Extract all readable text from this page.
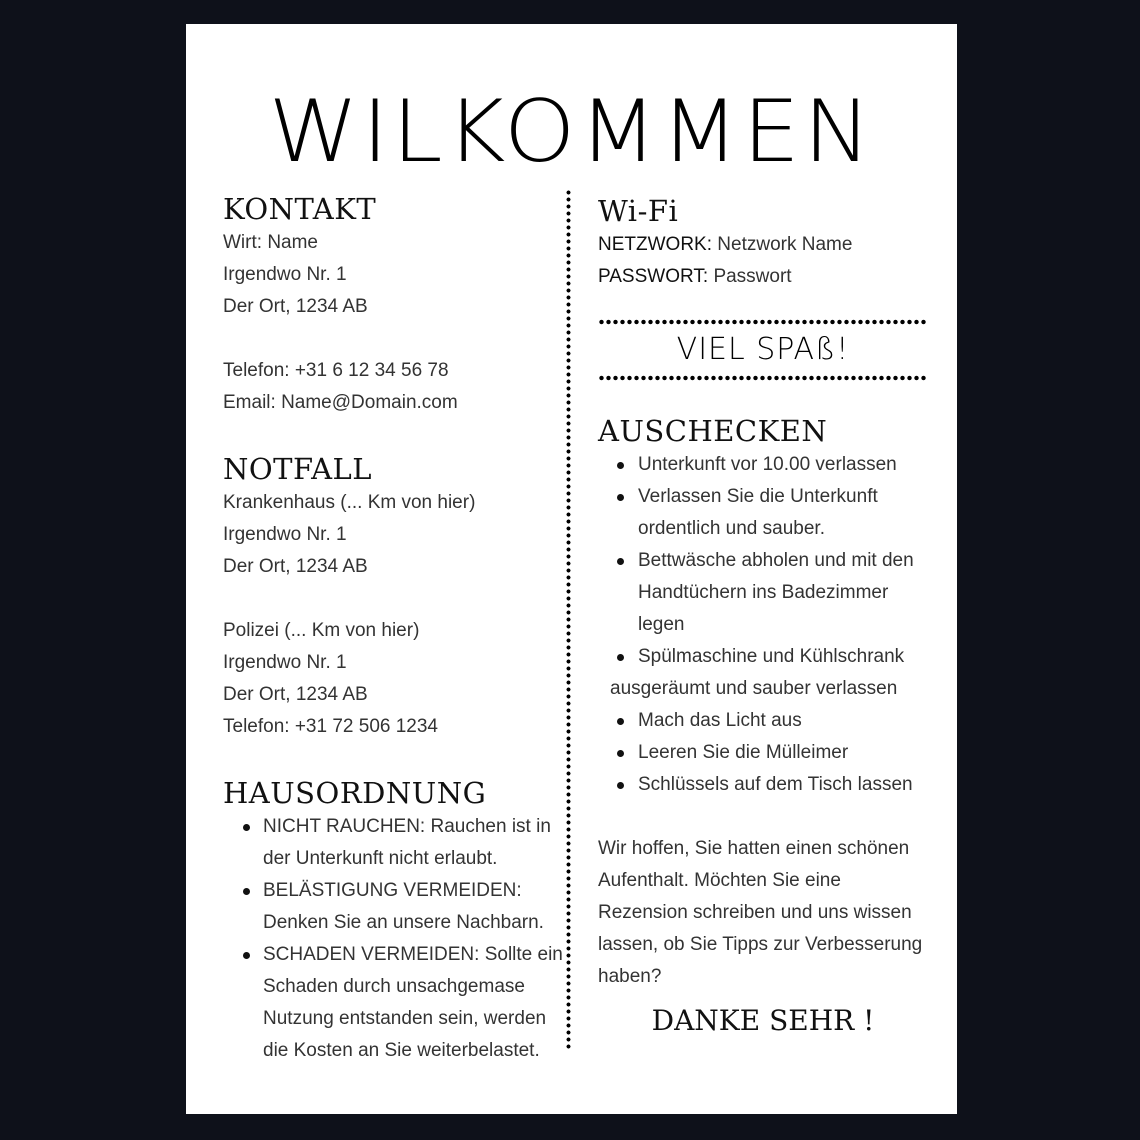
WILKOMMEN
KONTAKT
Wirt: Name
Irgendwo Nr. 1
Der Ort, 1234 AB
Telefon: +31 6 12 34 56 78
Email: Name@Domain.com
NOTFALL
Krankenhaus (... Km von hier)
Irgendwo Nr. 1
Der Ort, 1234 AB
Polizei (... Km von hier)
Irgendwo Nr. 1
Der Ort, 1234 AB
Telefon: +31 72 506 1234
HAUSORDNUNG
NICHT RAUCHEN: Rauchen ist in der Unterkunft nicht erlaubt.
BELÄSTIGUNG VERMEIDEN: Denken Sie an unsere Nachbarn.
SCHADEN VERMEIDEN: Sollte ein Schaden durch unsachgemase Nutzung entstanden sein, werden die Kosten an Sie weiterbelastet.
Wi-Fi
NETZWORK: Netzwork Name
PASSWORT: Passwort
VIEL SPAß!
AUSCHECKEN
Unterkunft vor 10.00 verlassen
Verlassen Sie die Unterkunft ordentlich und sauber.
Bettwäsche abholen und mit den Handtüchern ins Badezimmer legen
Spülmaschine und Kühlschrank
ausgeräumt und sauber verlassen
Mach das Licht aus
Leeren Sie die Mülleimer
Schlüssels auf dem Tisch lassen
Wir hoffen, Sie hatten einen schönen Aufenthalt. Möchten Sie eine Rezension schreiben und uns wissen lassen, ob Sie Tipps zur Verbesserung haben?
DANKE SEHR !
